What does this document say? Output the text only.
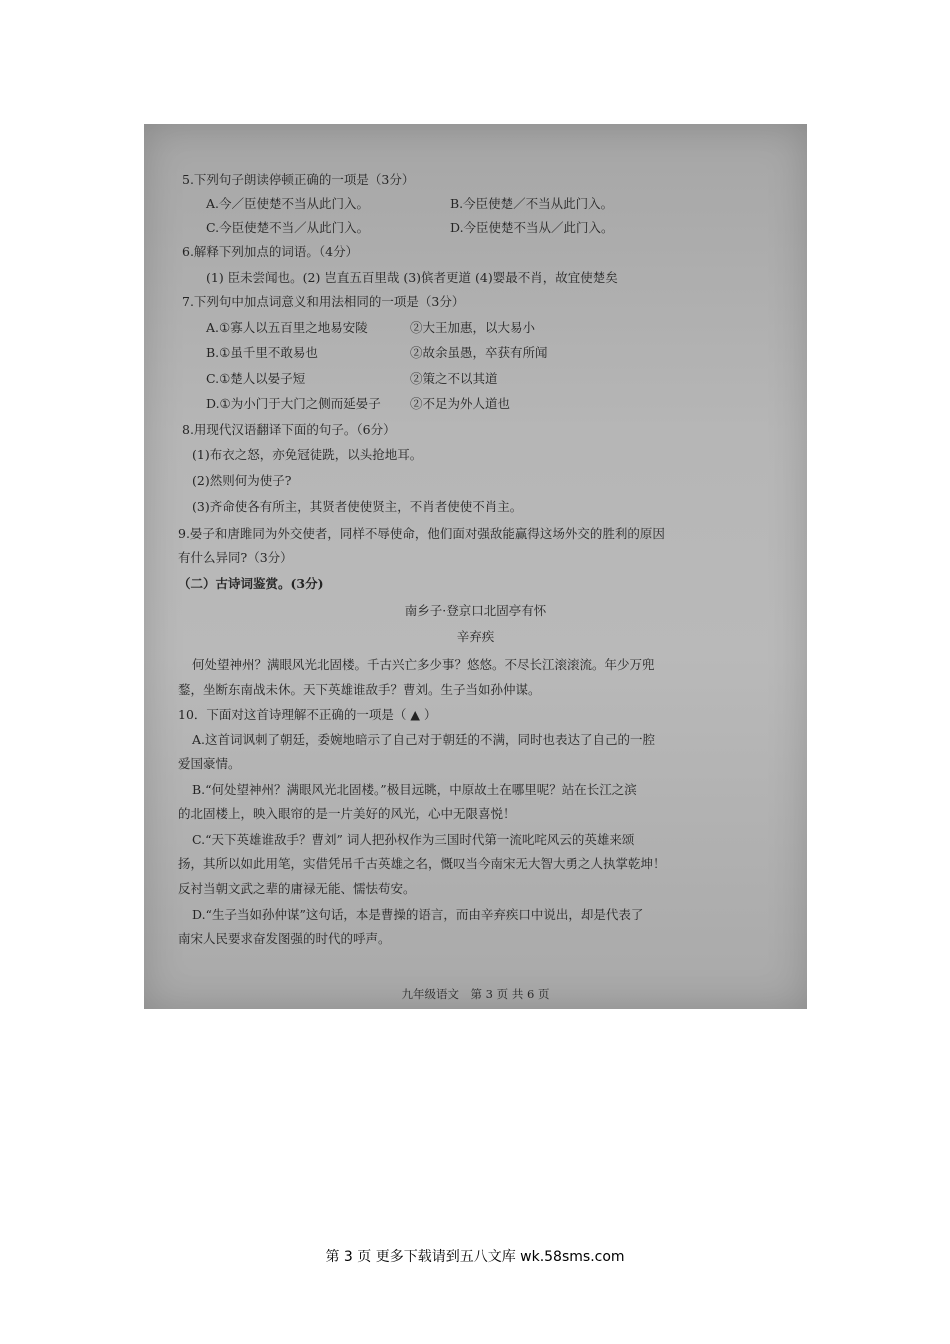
5.下列句子朗读停顿正确的一项是（3分）
A.今／臣使楚不当从此门入。	B.今臣使楚／不当从此门入。
C.今臣使楚不当／从此门入。	D.今臣使楚不当从／此门入。
6.解释下列加点的词语。（4分）
(1) 臣未尝闻也。(2) 岂直五百里哉 (3)傧者更道 (4)婴最不肖，故宜使楚矣
7.下列句中加点词意义和用法相同的一项是（3分）
A.①寡人以五百里之地易安陵	②大王加惠，以大易小
B.①虽千里不敢易也	②故余虽愚，卒获有所闻
C.①楚人以晏子短	②策之不以其道
D.①为小门于大门之侧而延晏子 ②不足为外人道也
8.用现代汉语翻译下面的句子。（6分）
(1)布衣之怒，亦免冠徒跣，以头抢地耳。
(2)然则何为使子?
(3)齐命使各有所主，其贤者使使贤主，不肖者使使不肖主。
9.晏子和唐雎同为外交使者，同样不辱使命，他们面对强敌能赢得这场外交的胜利的原因
有什么异同?（3分）
（二）古诗词鉴赏。(3分)
南乡子·登京口北固亭有怀
辛弃疾
何处望神州？满眼风光北固楼。千古兴亡多少事？悠悠。不尽长江滚滚流。年少万兜
鍪，坐断东南战未休。天下英雄谁敌手？曹刘。生子当如孙仲谋。
10．下面对这首诗理解不正确的一项是（ ▲ ）
A.这首词讽刺了朝廷，委婉地暗示了自己对于朝廷的不满，同时也表达了自己的一腔
爱国豪情。
B.“何处望神州？满眼风光北固楼。”极目远眺，中原故土在哪里呢？站在长江之滨
的北固楼上，映入眼帘的是一片美好的风光，心中无限喜悦！
C.“天下英雄谁敌手？曹刘” 词人把孙权作为三国时代第一流叱咤风云的英雄来颂
扬，其所以如此用笔，实借凭吊千古英雄之名，慨叹当今南宋无大智大勇之人执掌乾坤！
反衬当朝文武之辈的庸禄无能、懦怯苟安。
D.“生子当如孙仲谋”这句话，本是曹操的语言，而由辛弃疾口中说出，却是代表了
南宋人民要求奋发图强的时代的呼声。
九年级语文　第 3 页 共 6 页
第 3 页 更多下载请到五八文库 wk.58sms.com
